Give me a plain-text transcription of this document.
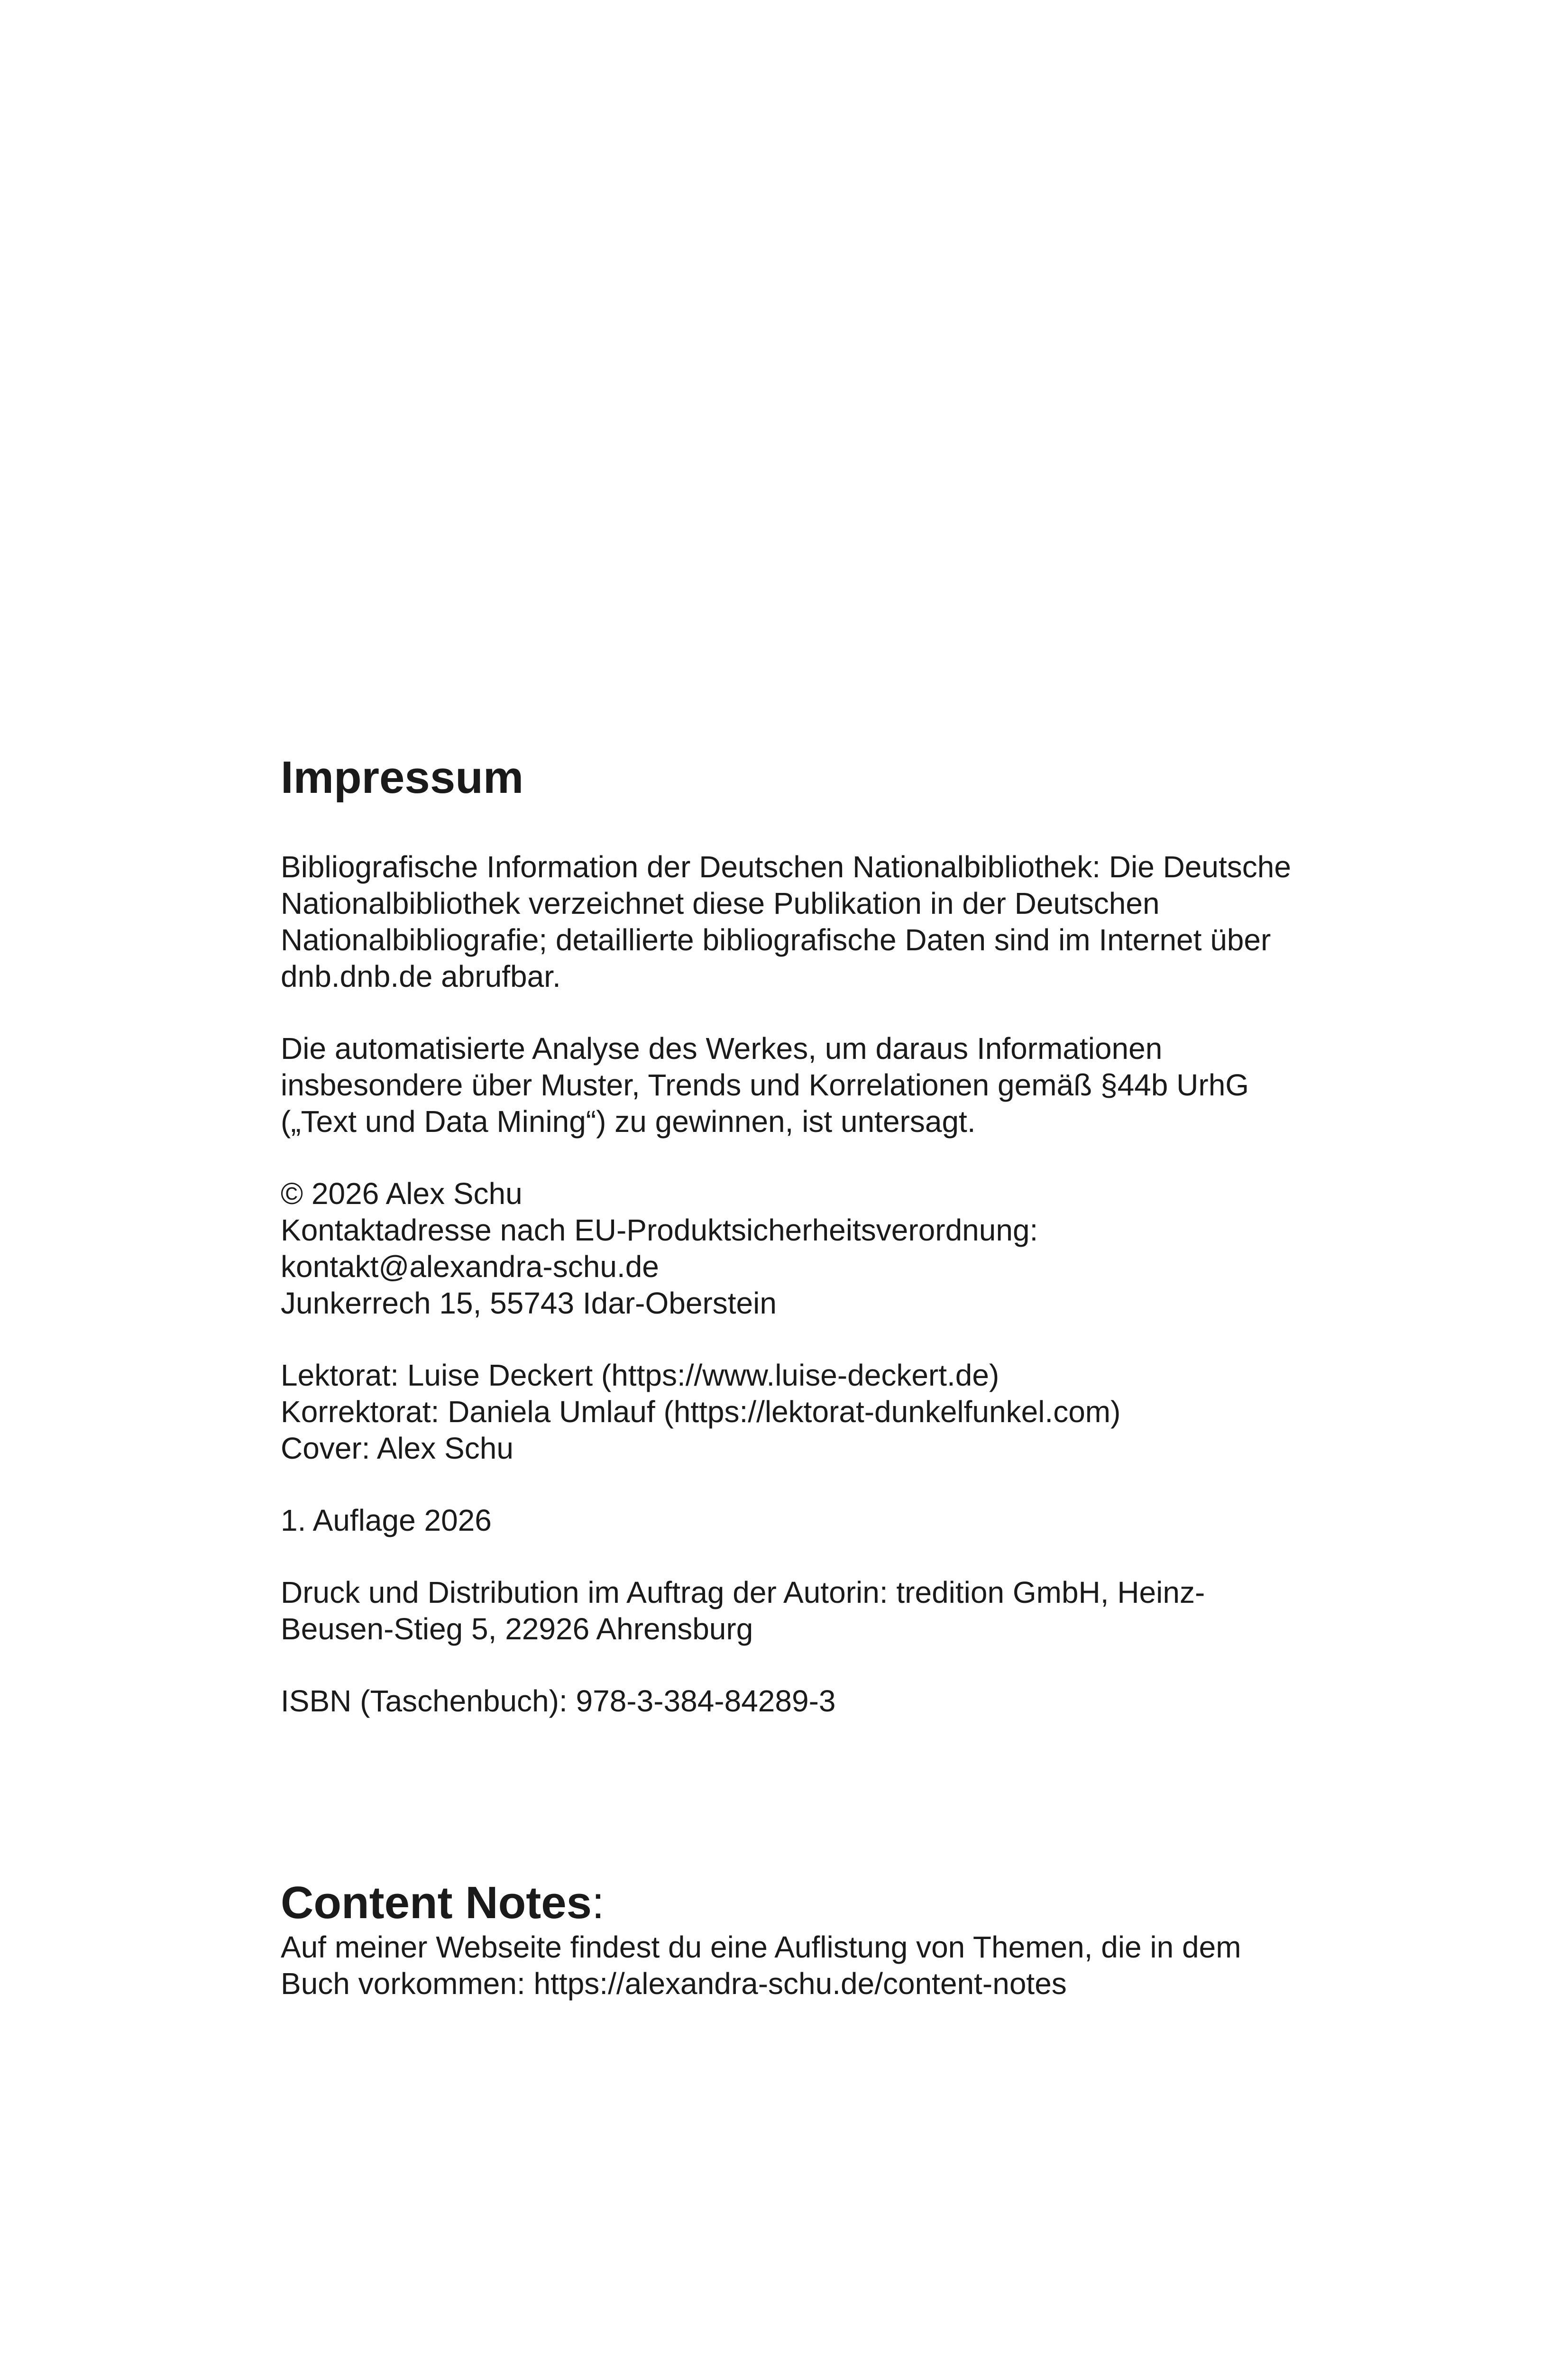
Impressum

Bibliografische Information der Deutschen Nationalbibliothek: Die Deutsche
Nationalbibliothek verzeichnet diese Publikation in der Deutschen
Nationalbibliografie; detaillierte bibliografische Daten sind im Internet über
dnb.dnb.de abrufbar.

Die automatisierte Analyse des Werkes, um daraus Informationen
insbesondere über Muster, Trends und Korrelationen gemäß §44b UrhG
(„Text und Data Mining“) zu gewinnen, ist untersagt.

© 2026 Alex Schu
Kontaktadresse nach EU-Produktsicherheitsverordnung:
kontakt@alexandra-schu.de
Junkerrech 15, 55743 Idar-Oberstein

Lektorat: Luise Deckert (https://www.luise-deckert.de)
Korrektorat: Daniela Umlauf (https://lektorat-dunkelfunkel.com)
Cover: Alex Schu

1. Auflage 2026

Druck und Distribution im Auftrag der Autorin: tredition GmbH, Heinz-
Beusen-Stieg 5, 22926 Ahrensburg

ISBN (Taschenbuch): 978-3-384-84289-3

Content Notes:

Auf meiner Webseite findest du eine Auflistung von Themen, die in dem
Buch vorkommen: https://alexandra-schu.de/content-notes
